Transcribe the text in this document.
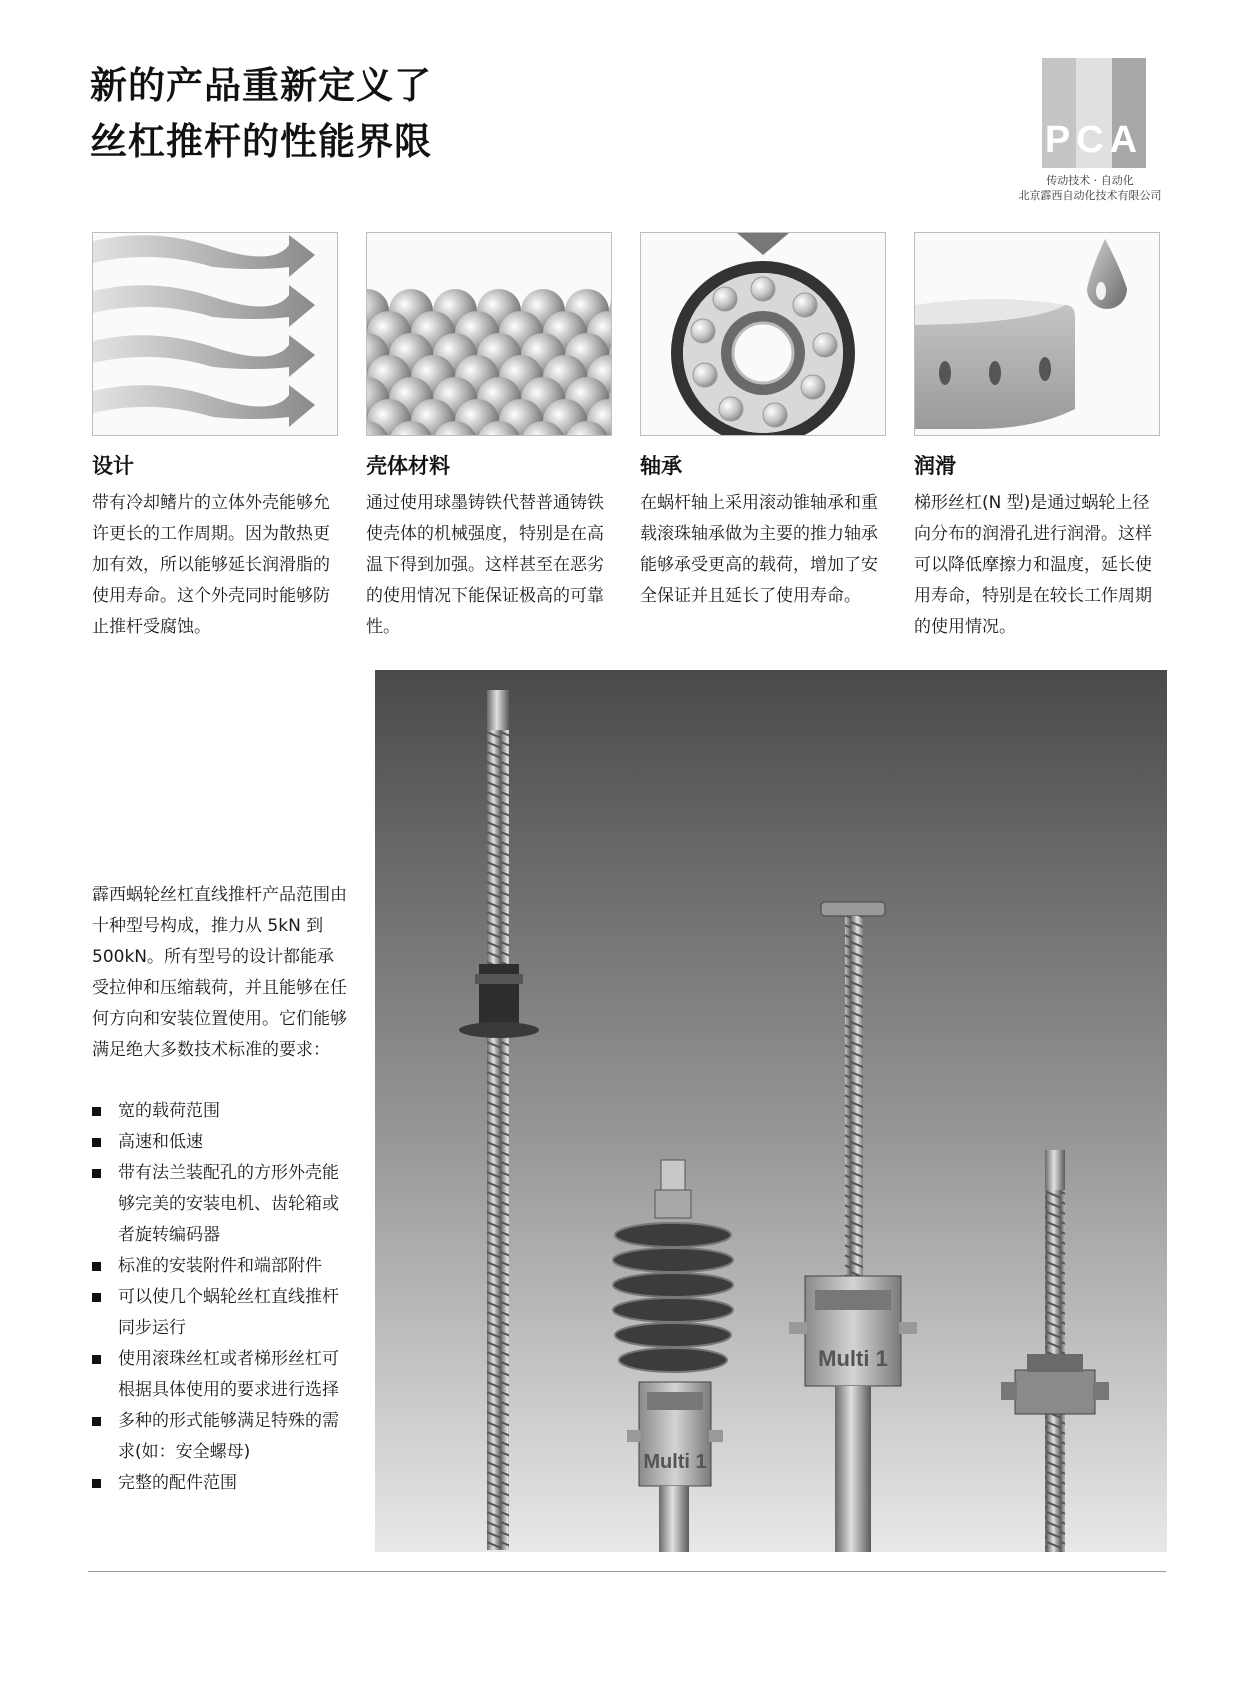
新的产品重新定义了
丝杠推杆的性能界限	PCA
传动技术 · 自动化
北京霹西自动化技术有限公司
设计

带有冷却鳍片的立体外壳能够允许更长的工作周期。因为散热更加有效，所以能够延长润滑脂的使用寿命。这个外壳同时能够防止推杆受腐蚀。

壳体材料

通过使用球墨铸铁代替普通铸铁使壳体的机械强度，特别是在高温下得到加强。这样甚至在恶劣的使用情况下能保证极高的可靠性。

轴承

在蜗杆轴上采用滚动锥轴承和重载滚珠轴承做为主要的推力轴承能够承受更高的载荷，增加了安全保证并且延长了使用寿命。

润滑

梯形丝杠(N 型)是通过蜗轮上径向分布的润滑孔进行润滑。这样可以降低摩擦力和温度，延长使用寿命，特别是在较长工作周期的使用情况。

Multi 1
Multi 1

霹西蜗轮丝杠直线推杆产品范围由十种型号构成，推力从 5kN 到 500kN。所有型号的设计都能承受拉伸和压缩载荷，并且能够在任何方向和安装位置使用。它们能够满足绝大多数技术标准的要求：

宽的载荷范围
高速和低速
带有法兰装配孔的方形外壳能够完美的安装电机、齿轮箱或者旋转编码器
标准的安装附件和端部附件
可以使几个蜗轮丝杠直线推杆同步运行
使用滚珠丝杠或者梯形丝杠可根据具体使用的要求进行选择
多种的形式能够满足特殊的需求(如：安全螺母)
完整的配件范围
